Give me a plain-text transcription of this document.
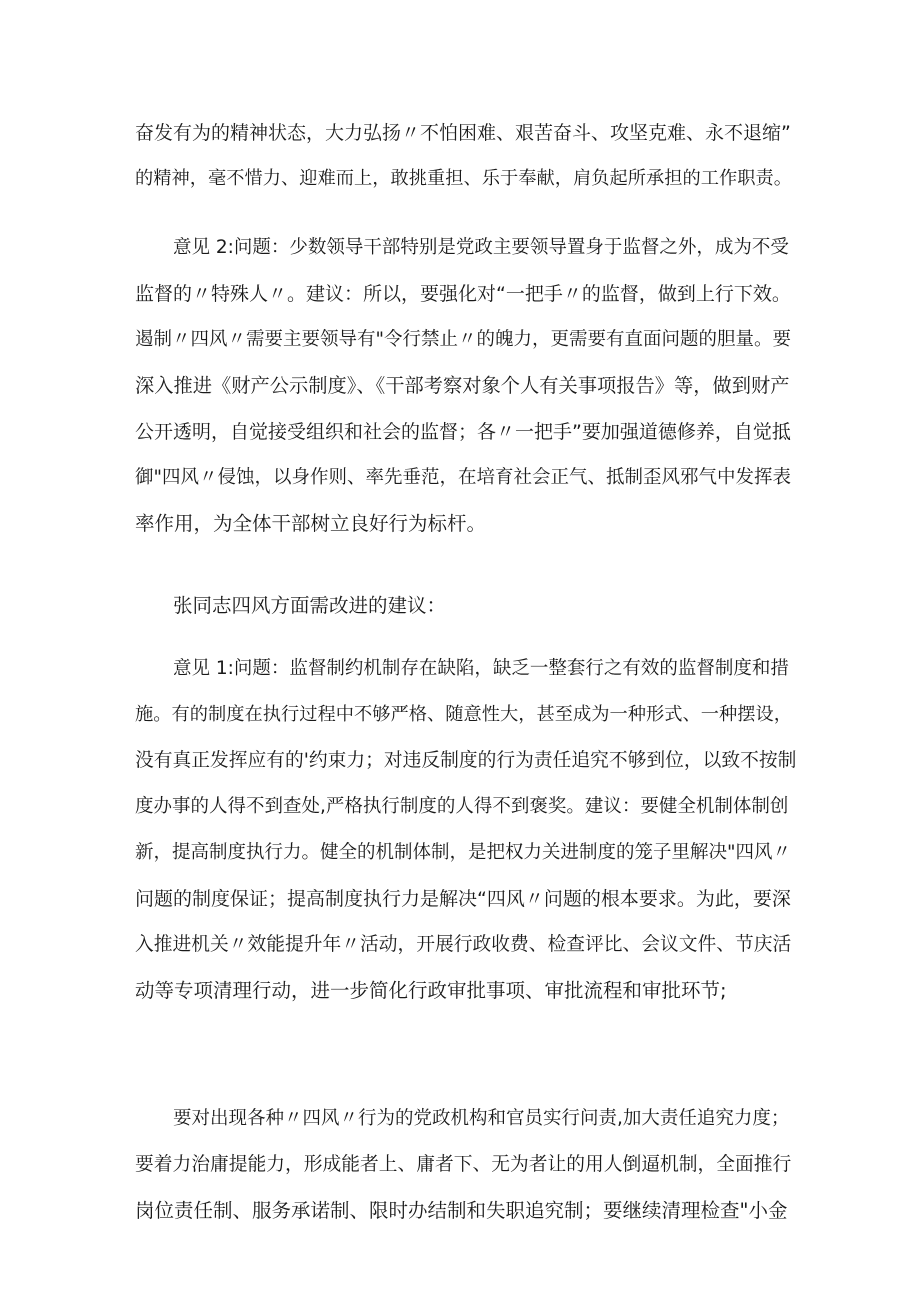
奋发有为的精神状态，大力弘扬〃不怕困难、艰苦奋斗、攻坚克难、永不退缩”
的精神，毫不惜力、迎难而上，敢挑重担、乐于奉献，肩负起所承担的工作职责。
意见 2:问题：少数领导干部特别是党政主要领导置身于监督之外，成为不受
监督的〃特殊人〃。建议：所以，要强化对“一把手〃的监督，做到上行下效。
遏制〃四风〃需要主要领导有"令行禁止〃的魄力，更需要有直面问题的胆量。要
深入推进《财产公示制度》、《干部考察对象个人有关事项报告》等，做到财产
公开透明，自觉接受组织和社会的监督；各〃一把手”要加强道德修养，自觉抵
御"四风〃侵蚀，以身作则、率先垂范，在培育社会正气、抵制歪风邪气中发挥表
率作用，为全体干部树立良好行为标杆。
张同志四风方面需改进的建议：
意见 1:问题：监督制约机制存在缺陷，缺乏一整套行之有效的监督制度和措
施。有的制度在执行过程中不够严格、随意性大，甚至成为一种形式、一种摆设，
没有真正发挥应有的'约束力；对违反制度的行为责任追究不够到位，以致不按制
度办事的人得不到查处,严格执行制度的人得不到褒奖。建议：要健全机制体制创
新，提高制度执行力。健全的机制体制，是把权力关进制度的笼子里解决"四风〃
问题的制度保证；提高制度执行力是解决“四风〃问题的根本要求。为此，要深
入推进机关〃效能提升年〃活动，开展行政收费、检查评比、会议文件、节庆活
动等专项清理行动，进一步简化行政审批事项、审批流程和审批环节;
要对出现各种〃四风〃行为的党政机构和官员实行问责,加大责任追究力度；
要着力治庸提能力，形成能者上、庸者下、无为者让的用人倒逼机制，全面推行
岗位责任制、服务承诺制、限时办结制和失职追究制；要继续清理检查"小金
